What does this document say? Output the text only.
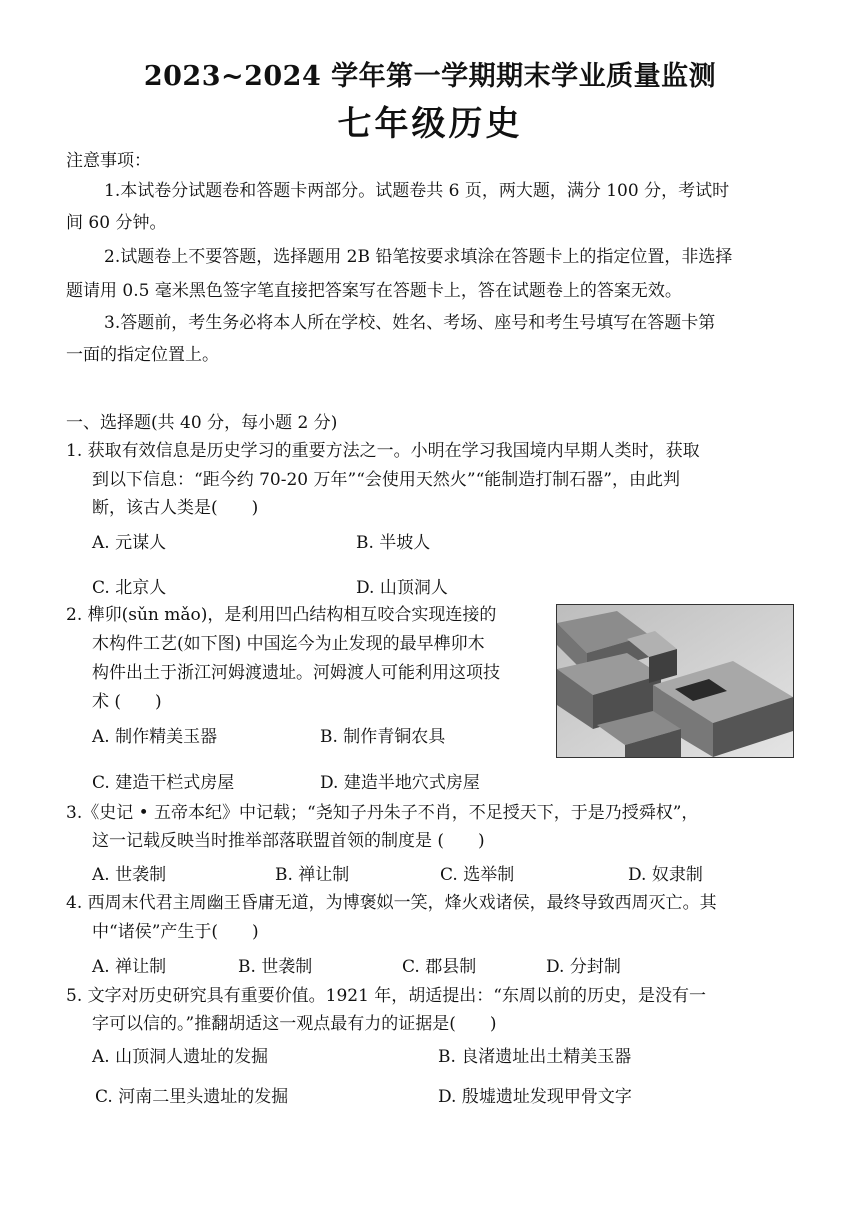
2023~2024 学年第一学期期末学业质量监测
七年级历史
注意事项：
1.本试卷分试题卷和答题卡两部分。试题卷共 6 页，两大题，满分 100 分，考试时
间 60 分钟。
2.试题卷上不要答题，选择题用 2B 铅笔按要求填涂在答题卡上的指定位置，非选择
题请用 0.5 毫米黑色签字笔直接把答案写在答题卡上，答在试题卷上的答案无效。
3.答题前，考生务必将本人所在学校、姓名、考场、座号和考生号填写在答题卡第
一面的指定位置上。
一、选择题(共 40 分，每小题 2 分)
1. 获取有效信息是历史学习的重要方法之一。小明在学习我国境内早期人类时，获取
到以下信息：“距今约 70-20 万年”“会使用天然火”“能制造打制石器”，由此判
断，该古人类是(　　)
A. 元谋人	B. 半坡人
C. 北京人	D. 山顶洞人
2. 榫卯(sǔn mǎo)，是利用凹凸结构相互咬合实现连接的
木构件工艺(如下图) 中国迄今为止发现的最早榫卯木
构件出土于浙江河姆渡遗址。河姆渡人可能利用这项技
术 (　　)
A. 制作精美玉器	B. 制作青铜农具
C. 建造干栏式房屋	D. 建造半地穴式房屋
3.《史记 • 五帝本纪》中记载；“尧知子丹朱子不肖，不足授天下，于是乃授舜权”，
这一记载反映当时推举部落联盟首领的制度是 (　　)
A. 世袭制	B. 禅让制	C. 选举制	D. 奴隶制
4. 西周末代君主周幽王昏庸无道，为博褒姒一笑，烽火戏诸侯，最终导致西周灭亡。其
中“诸侯”产生于(　　)
A. 禅让制	B. 世袭制	C. 郡县制	D. 分封制
5. 文字对历史研究具有重要价值。1921 年，胡适提出：“东周以前的历史，是没有一
字可以信的。”推翻胡适这一观点最有力的证据是(　　)
A. 山顶洞人遗址的发掘	B. 良渚遗址出土精美玉器
C. 河南二里头遗址的发掘	D. 殷墟遗址发现甲骨文字
